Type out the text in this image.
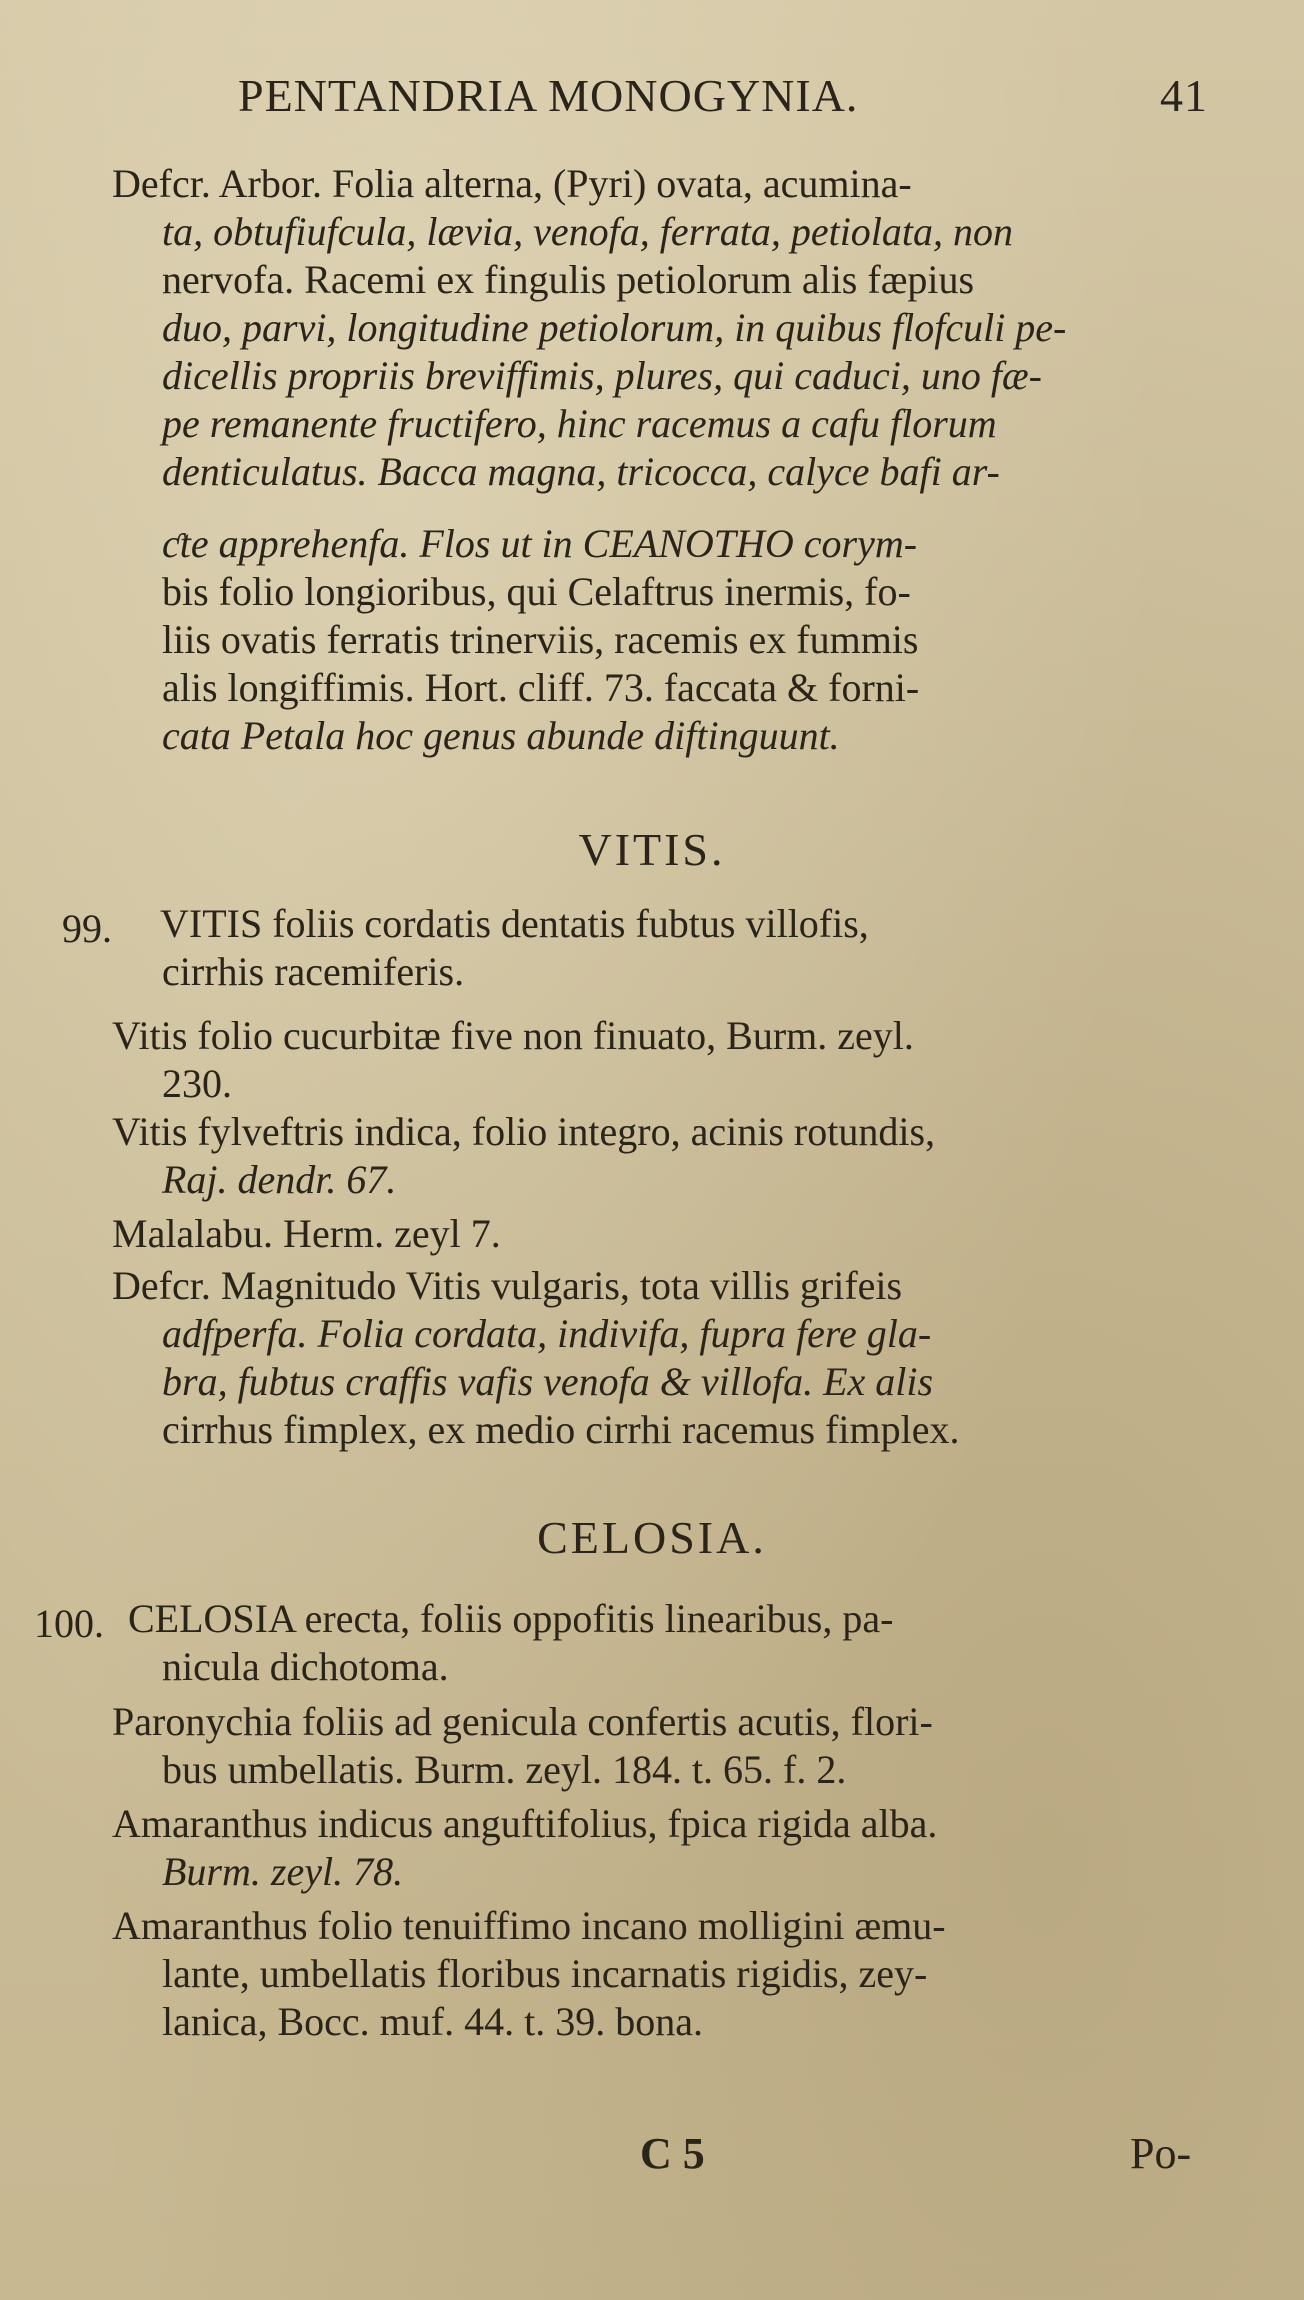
PENTANDRIA MONOGYNIA.	41
Defcr. Arbor. Folia alterna, (Pyri) ovata, acumina-
ta, obtufiufcula, lævia, venofa, ferrata, petiolata, non
nervofa. Racemi ex fingulis petiolorum alis fæpius
duo, parvi, longitudine petiolorum, in quibus flofculi pe-
dicellis propriis breviffimis, plures, qui caduci, uno fæ-
pe remanente fructifero, hinc racemus a cafu florum
denticulatus. Bacca magna, tricocca, calyce bafi ar-
ƈte apprehenfa. Flos ut in CEANOTHO corym-
bis folio longioribus, qui Celaftrus inermis, fo-
liis ovatis ferratis trinerviis, racemis ex fummis
alis longiffimis. Hort. cliff. 73. faccata & forni-
cata Petala hoc genus abunde diftinguunt.
VITIS.
99. VITIS foliis cordatis dentatis fubtus villofis,
cirrhis racemiferis.
Vitis folio cucurbitæ five non finuato, Burm. zeyl.
230.
Vitis fylveftris indica, folio integro, acinis rotundis,
Raj. dendr. 67.
Malalabu. Herm. zeyl 7.
Defcr. Magnitudo Vitis vulgaris, tota villis grifeis
adfperfa. Folia cordata, indivifa, fupra fere gla-
bra, fubtus craffis vafis venofa & villofa. Ex alis
cirrhus fimplex, ex medio cirrhi racemus fimplex.
CELOSIA.
100. CELOSIA erecta, foliis oppofitis linearibus, pa-
nicula dichotoma.
Paronychia foliis ad genicula confertis acutis, flori-
bus umbellatis. Burm. zeyl. 184. t. 65. f. 2.
Amaranthus indicus anguftifolius, fpica rigida alba.
Burm. zeyl. 78.
Amaranthus folio tenuiffimo incano molligini æmu-
lante, umbellatis floribus incarnatis rigidis, zey-
lanica, Bocc. muf. 44. t. 39. bona.
C 5	Po-
